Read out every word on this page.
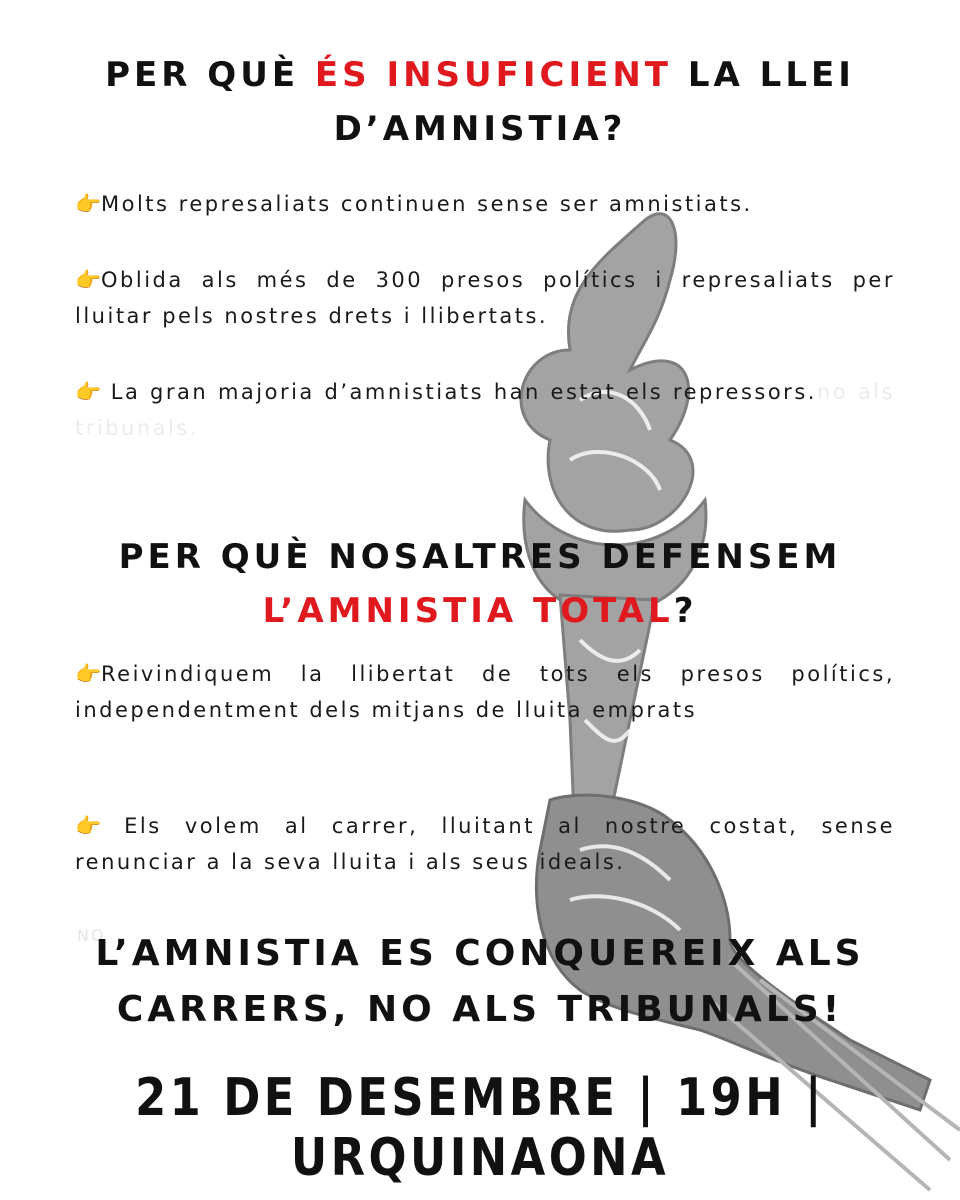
PER QUÈ ÉS INSUFICIENT LA LLEI
D’AMNISTIA?
👉Molts represaliats continuen sense ser amnistiats.
👉Oblida als més de 300 presos polítics i represaliats per lluitar pels nostres drets i llibertats.
👉 La gran majoria d’amnistiats han estat els repressors.no als tribunals.
PER QUÈ NOSALTRES DEFENSEM
L’AMNISTIA TOTAL?
👉Reivindiquem la llibertat de tots els presos polítics, independentment dels mitjans de lluita emprats
👉 Els volem al carrer, lluitant al nostre costat, sense renunciar a la seva lluita i als seus ideals.
NO
L’AMNISTIA ES CONQUEREIX ALS
CARRERS, NO ALS TRIBUNALS!
21 DE DESEMBRE | 19H | URQUINAONA
